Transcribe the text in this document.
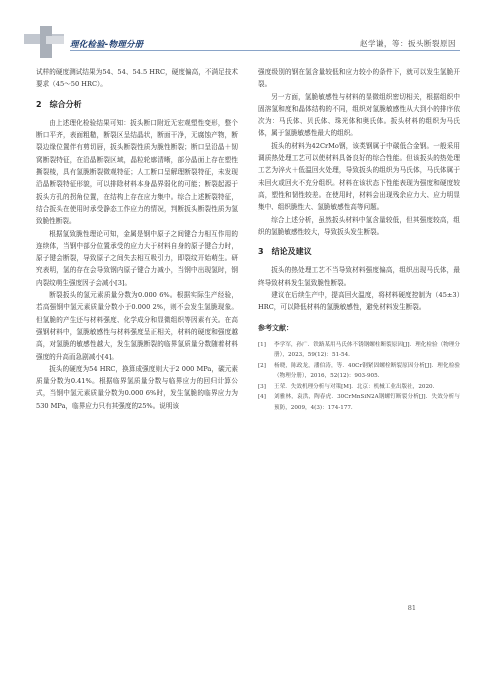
理化检验-物理分册	赵学谦，等：扳头断裂原因

试样的硬度测试结果为54、54、54.5 HRC，硬度偏高，不满足技术要求（45～50 HRC）。

2 综合分析

由上述理化检验结果可知：扳头断口附近无宏观塑性变形，整个断口平齐，表面粗糙，断裂区呈结晶状，断面干净，无腐蚀产物，断裂边缘位置伴有剪切唇，扳头断裂性质为脆性断裂；断口呈沿晶＋韧窝断裂特征，在沿晶断裂区域，晶粒轮廓清晰，部分晶面上存在塑性撕裂棱，具有氢脆断裂微观特征；人工断口呈解理断裂特征，未发现沿晶断裂特征形貌，可以排除材料本身晶界弱化的可能；断裂起源于扳头方孔的拐角位置，在结构上存在应力集中。综合上述断裂特征，结合扳头在使用时承受静态工作应力的情况，判断扳头断裂性质为氢致脆性断裂。

根据氢致脆性理论可知，金属是钢中原子之间键合力相互作用的连续体，当钢中部分位置承受的应力大于材料自身的原子键合力时，原子键会断裂，导致原子之间失去相互吸引力，即裂纹开始萌生。研究表明，氢的存在会导致钢内原子键合力减小，当钢中出现氢时，钢内裂纹萌生强度因子会减小[3]。

断裂扳头的氢元素质量分数为0.000 6%。根据实际生产经验，若高强钢中氢元素质量分数小于0.000 2%，则不会发生氢脆现象。但氢脆的产生还与材料强度、化学成分和显微组织等因素有关。在高强钢材料中，氢脆敏感性与材料强度呈正相关，材料的硬度和强度越高，对氢脆的敏感性越大，发生氢脆断裂的临界氢质量分数随着材料强度的升高而急剧减小[4]。

扳头的硬度为54 HRC，换算成强度则大于2 000 MPa，碳元素质量分数为0.41%。根据临界氢质量分数与临界应力的回归计算公式，当钢中氢元素质量分数为0.000 6%时，发生氢脆的临界应力为530 MPa，临界应力只有其强度的25%。说明该

强度级别的钢在氢含量较低和应力较小的条件下，就可以发生氢脆开裂。

另一方面，氢脆敏感性与材料的显微组织密切相关，根据组织中固溶氢和度和晶体结构的不同，组织对氢脆敏感性从大到小的排序依次为：马氏体、贝氏体、珠光体和奥氏体。扳头材料的组织为马氏体，属于氢脆敏感性最大的组织。

扳头的材料为42CrMo钢，该类钢属于中碳低合金钢。一般采用调质热处理工艺可以使材料具备良好的综合性能。但该扳头的热处理工艺为淬火＋低温回火处理，导致扳头的组织为马氏体，马氏体属于未回火或回火不充分组织。材料在该状态下性能表现为强度和硬度较高，塑性和韧性较差。在使用时，材料会出现残余应力大、应力明显集中、组织脆性大、氢脆敏感性高等问题。

综合上述分析，虽然扳头材料中氢含量较低，但其强度较高，组织的氢脆敏感性较大，导致扳头发生断裂。

3 结论及建议

扳头的热处理工艺不当导致材料强度偏高，组织出现马氏体，最终导致材料发生氢致脆性断裂。

建议在后续生产中，提高回火温度，将材料硬度控制为（45±3）HRC，可以降低材料的氢脆敏感性，避免材料发生断裂。

参考文献：
[1]	李学军，孙广．铁路某用马氏体不锈钢螺柱断裂原因[J]．理化检验（物理分册），2023，59(12)：51-54.
[2]	杨晓，陈政龙，潘伯涛，等．40Cr钢紧固螺栓断裂原因分析[J]．理化检验（物理分册），2016，52(12)：903-905.
[3]	王荣．失效机理分析与对策[M]．北京：机械工业出版社，2020.
[4]	刘雅林，袁洪，陶春虎．30CrMnSiN2A钢螺钉断裂分析[J]．失效分析与预防，2009，4(3)：174-177.
81
